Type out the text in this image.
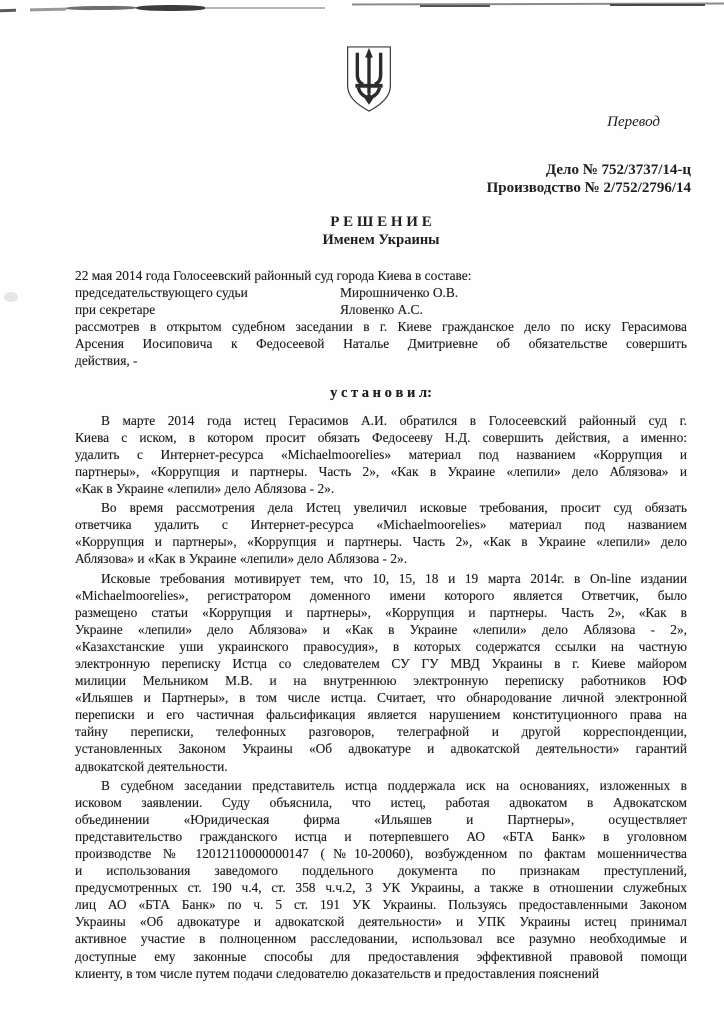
Перевод
Дело № 752/3737/14-ц
Производство № 2/752/2796/14
Р Е Ш Е Н И Е
Именем Украины
22 мая 2014 года Голосеевский районный суд города Киева в составе:
председательствующего судьи	Мирошниченко О.В.
при секретаре	Яловенко А.С.
рассмотрев в открытом судебном заседании в г. Киеве гражданское дело по иску Герасимова
Арсения Иосиповича к Федосеевой Наталье Дмитриевне об обязательстве совершить
действия, -
у с т а н о в и л:
В марте 2014 года истец Герасимов А.И. обратился в Голосеевский районный суд г.
Киева с иском, в котором просит обязать Федосееву Н.Д. совершить действия, а именно:
удалить с Интернет-ресурса «Michaelmoorelies» материал под названием «Коррупция и
партнеры», «Коррупция и партнеры. Часть 2», «Как в Украине «лепили» дело Аблязова» и
«Как в Украине «лепили» дело Аблязова - 2».
Во время рассмотрения дела Истец увеличил исковые требования, просит суд обязать
ответчика удалить с Интернет-ресурса «Michaelmoorelies» материал под названием
«Коррупция и партнеры», «Коррупция и партнеры. Часть 2», «Как в Украине «лепили» дело
Аблязова» и «Как в Украине «лепили» дело Аблязова - 2».
Исковые требования мотивирует тем, что 10, 15, 18 и 19 марта 2014г. в On-line издании
«Michaelmoorelies», регистратором доменного имени которого является Ответчик, было
размещено статьи «Коррупция и партнеры», «Коррупция и партнеры. Часть 2», «Как в
Украине «лепили» дело Аблязова» и «Как в Украине «лепили» дело Аблязова - 2»,
«Казахстанские уши украинского правосудия», в которых содержатся ссылки на частную
электронную переписку Истца со следователем СУ ГУ МВД Украины в г. Киеве майором
милиции Мельником М.В. и на внутреннюю электронную переписку работников ЮФ
«Ильяшев и Партнеры», в том числе истца. Считает, что обнародование личной электронной
переписки и его частичная фальсификация является нарушением конституционного права на
тайну переписки, телефонных разговоров, телеграфной и другой корреспонденции,
установленных Законом Украины «Об адвокатуре и адвокатской деятельности» гарантий
адвокатской деятельности.
В судебном заседании представитель истца поддержала иск на основаниях, изложенных в
исковом заявлении. Суду объяснила, что истец, работая адвокатом в Адвокатском
объединении «Юридическая фирма «Ильяшев и Партнеры», осуществляет
представительство гражданского истца и потерпевшего АО «БТА Банк» в уголовном
производстве № 12012110000000147 (№10-20060), возбужденном по фактам мошенничества
и использования заведомого поддельного документа по признакам преступлений,
предусмотренных ст. 190 ч.4, ст. 358 ч.ч.2, 3 УК Украины, а также в отношении служебных
лиц АО «БТА Банк» по ч. 5 ст. 191 УК Украины. Пользуясь предоставленными Законом
Украины «Об адвокатуре и адвокатской деятельности» и УПК Украины истец принимал
активное участие в полноценном расследовании, использовал все разумно необходимые и
доступные ему законные способы для предоставления эффективной правовой помощи
клиенту, в том числе путем подачи следователю доказательств и предоставления пояснений
